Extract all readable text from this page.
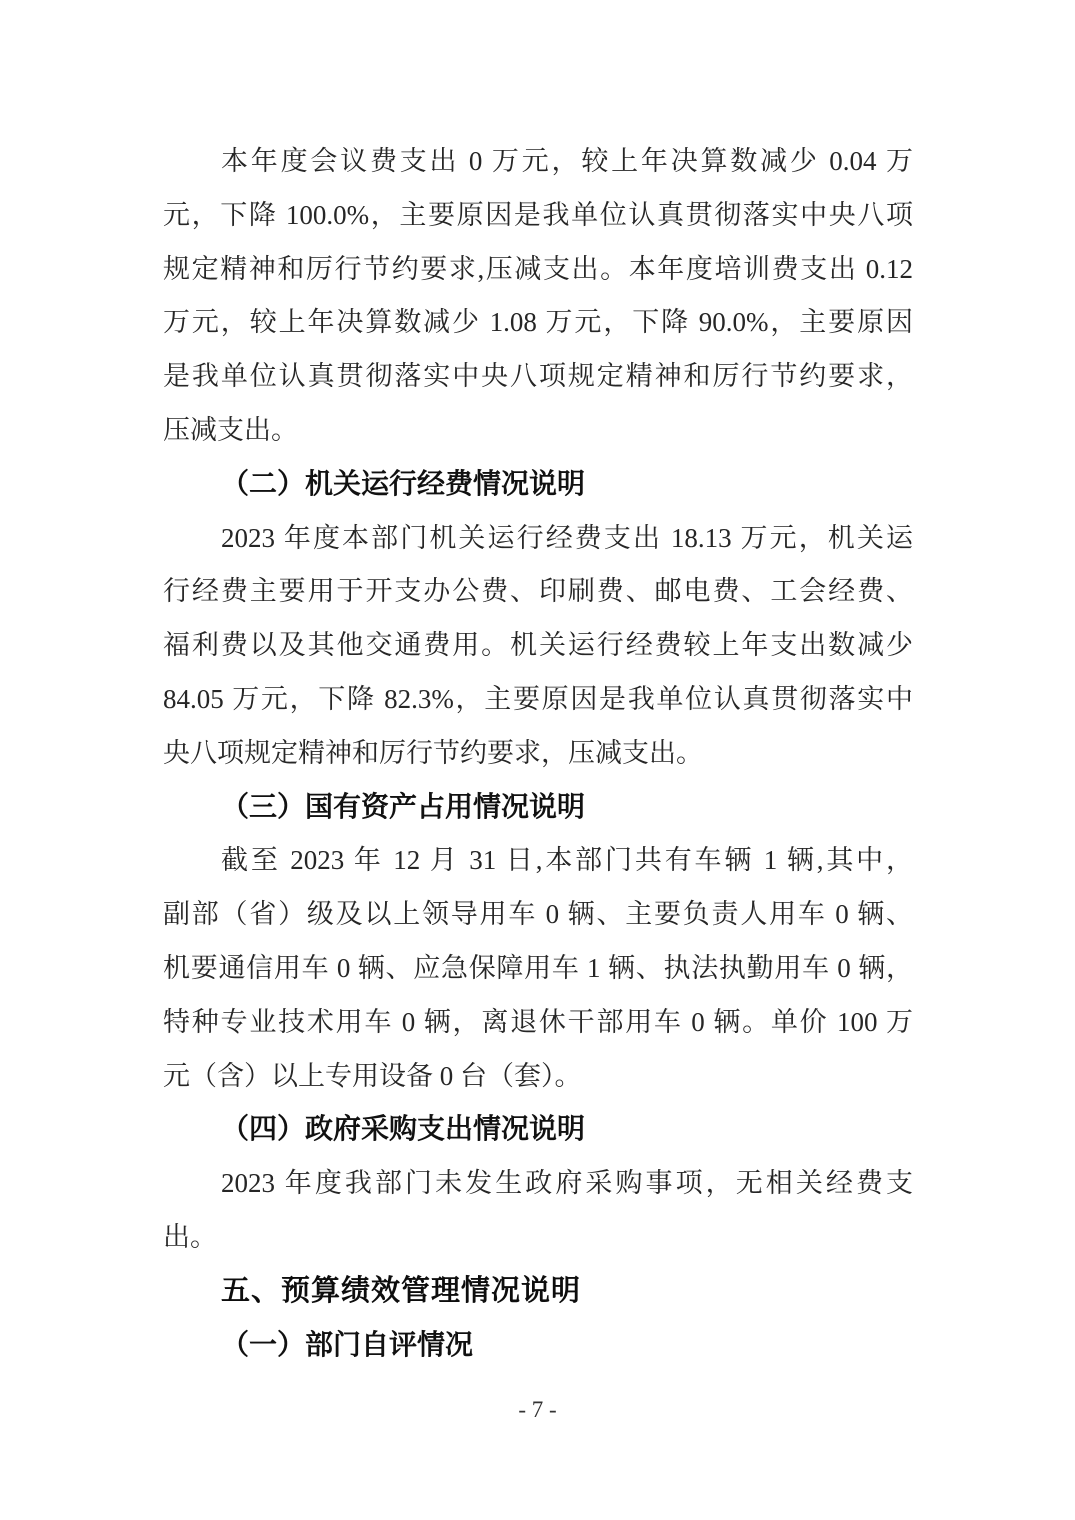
本年度会议费支出 0 万元，较上年决算数减少 0.04 万
元，下降 100.0%，主要原因是我单位认真贯彻落实中央八项
规定精神和厉行节约要求,压减支出。本年度培训费支出 0.12
万元，较上年决算数减少 1.08 万元，下降 90.0%，主要原因
是我单位认真贯彻落实中央八项规定精神和厉行节约要求，
压减支出。
（二）机关运行经费情况说明
2023 年度本部门机关运行经费支出 18.13 万元，机关运
行经费主要用于开支办公费、印刷费、邮电费、工会经费、
福利费以及其他交通费用。机关运行经费较上年支出数减少
84.05 万元，下降 82.3%，主要原因是我单位认真贯彻落实中
央八项规定精神和厉行节约要求，压减支出。
（三）国有资产占用情况说明
截至 2023 年 12 月 31 日,本部门共有车辆 1 辆,其中，
副部（省）级及以上领导用车 0 辆、主要负责人用车 0 辆、
机要通信用车 0 辆、应急保障用车 1 辆、执法执勤用车 0 辆，
特种专业技术用车 0 辆，离退休干部用车 0 辆。单价 100 万
元（含）以上专用设备 0 台（套）。
（四）政府采购支出情况说明
2023 年度我部门未发生政府采购事项，无相关经费支
出。
五、预算绩效管理情况说明
（一）部门自评情况
- 7 -
